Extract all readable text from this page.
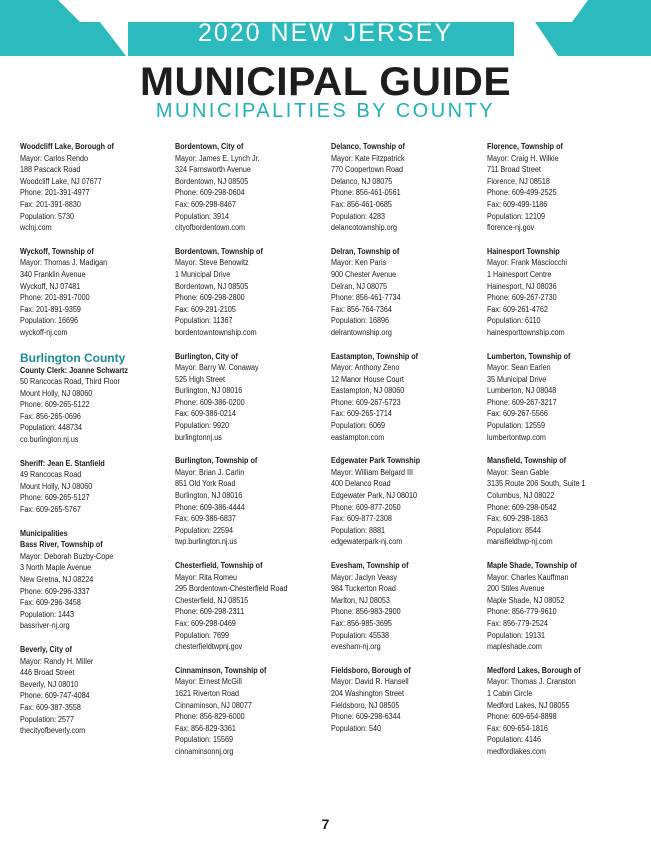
2020 NEW JERSEY
MUNICIPAL GUIDE
MUNICIPALITIES BY COUNTY
Woodcliff Lake, Borough of
Mayor: Carlos Rendo
188 Pascack Road
Woodcliff Lake, NJ 07677
Phone: 201-391-4977
Fax: 201-391-8830
Population: 5730
wclnj.com
Wyckoff, Township of
Mayor: Thomas J. Madigan
340 Franklin Avenue
Wyckoff, NJ 07481
Phone: 201-891-7000
Fax: 201-891-9359
Population: 16696
wyckoff-nj.com
Burlington County
County Clerk: Joanne Schwartz
50 Rancocas Road, Third Floor
Mount Holly, NJ 08060
Phone: 609-265-5122
Fax: 856-265-0696
Population: 448734
co.burlington.nj.us
Sheriff: Jean E. Stanfield
49 Rancocas Road
Mount Holly, NJ 08060
Phone: 609-265-5127
Fax: 609-265-5767
Municipalities
Bass River, Township of
Mayor: Deborah Buzby-Cope
3 North Maple Avenue
New Gretna, NJ 08224
Phone: 609-296-3337
Fax: 609-296-3458
Population: 1443
bassriver-nj.org
Beverly, City of
Mayor: Randy H. Miller
446 Broad Street
Beverly, NJ 08010
Phone: 609-747-4084
Fax: 609-387-3558
Population: 2577
thecityofbeverly.com
Bordentown, City of
Mayor: James E. Lynch Jr.
324 Farnsworth Avenue
Bordentown, NJ 08505
Phone: 609-298-0604
Fax: 609-298-8467
Population: 3914
cityofbordentown.com
Bordentown, Township of
Mayor: Steve Benowitz
1 Municipal Drive
Bordentown, NJ 08505
Phone: 609-298-2800
Fax: 609-291-2105
Population: 11367
bordentowntownship.com
Burlington, City of
Mayor: Barry W. Conaway
525 High Street
Burlington, NJ 08016
Phone: 609-386-0200
Fax: 609-386-0214
Population: 9920
burlingtonnj.us
Burlington, Township of
Mayor: Brian J. Carlin
851 Old York Road
Burlington, NJ 08016
Phone: 609-386-4444
Fax: 609-386-6837
Population: 22594
twp.burlington.nj.us
Chesterfield, Township of
Mayor: Rita Romeu
295 Bordentown-Chesterfield Road
Chesterfield, NJ 08515
Phone: 609-298-2311
Fax: 609-298-0469
Population: 7699
chesterfieldtwpnj.gov
Cinnaminson, Township of
Mayor: Ernest McGill
1621 Riverton Road
Cinnaminson, NJ 08077
Phone: 856-829-6000
Fax: 856-829-3361
Population: 15569
cinnaminsonnj.org
Delanco, Township of
Mayor: Kate Fitzpatrick
770 Coopertown Road
Delanco, NJ 08075
Phone: 856-461-0561
Fax: 856-461-0685
Population: 4283
delancotownship.org
Delran, Township of
Mayor: Ken Paris
900 Chester Avenue
Delran, NJ 08075
Phone: 856-461-7734
Fax: 856-764-7364
Population: 16896
delrantownship.org
Eastampton, Township of
Mayor: Anthony Zeno
12 Manor House Court
Eastampton, NJ 08060
Phone: 609-267-5723
Fax: 609-265-1714
Population: 6069
eastampton.com
Edgewater Park Township
Mayor: William Belgard III
400 Delanco Road
Edgewater Park, NJ 08010
Phone: 609-877-2050
Fax: 609-877-2308
Population: 8881
edgewaterpark-nj.com
Evesham, Township of
Mayor: Jaclyn Veasy
984 Tuckerton Road
Marlton, NJ 08053
Phone: 856-983-2900
Fax: 856-985-3695
Population: 45538
evesham-nj.org
Fieldsboro, Borough of
Mayor: David R. Hansell
204 Washington Street
Fieldsboro, NJ 08505
Phone: 609-298-6344
Population: 540
Florence, Township of
Mayor: Craig H. Wilkie
711 Broad Street
Florence, NJ 08518
Phone: 609-499-2525
Fax: 609-499-1186
Population: 12109
florence-nj.gov
Hainesport Township
Mayor: Frank Masciocchi
1 Hainesport Centre
Hainesport, NJ 08036
Phone: 609-267-2730
Fax: 609-261-4762
Population: 6110
hainesporttownship.com
Lumberton, Township of
Mayor: Sean Earlen
35 Municipal Drive
Lumberton, NJ 08048
Phone: 609-267-3217
Fax: 609-267-5566
Population: 12559
lumbertontwp.com
Mansfield, Township of
Mayor: Sean Gable
3135 Route 206 South, Suite 1
Columbus, NJ 08022
Phone: 609-298-0542
Fax: 609-298-1863
Population: 8544
mansfieldtwp-nj.com
Maple Shade, Township of
Mayor: Charles Kauffman
200 Stiles Avenue
Maple Shade, NJ 08052
Phone: 856-779-9610
Fax: 856-779-2524
Population: 19131
mapleshade.com
Medford Lakes, Borough of
Mayor: Thomas J. Cranston
1 Cabin Circle
Medford Lakes, NJ 08055
Phone: 609-654-8898
Fax: 609-654-1816
Population: 4146
medfordlakes.com
7
